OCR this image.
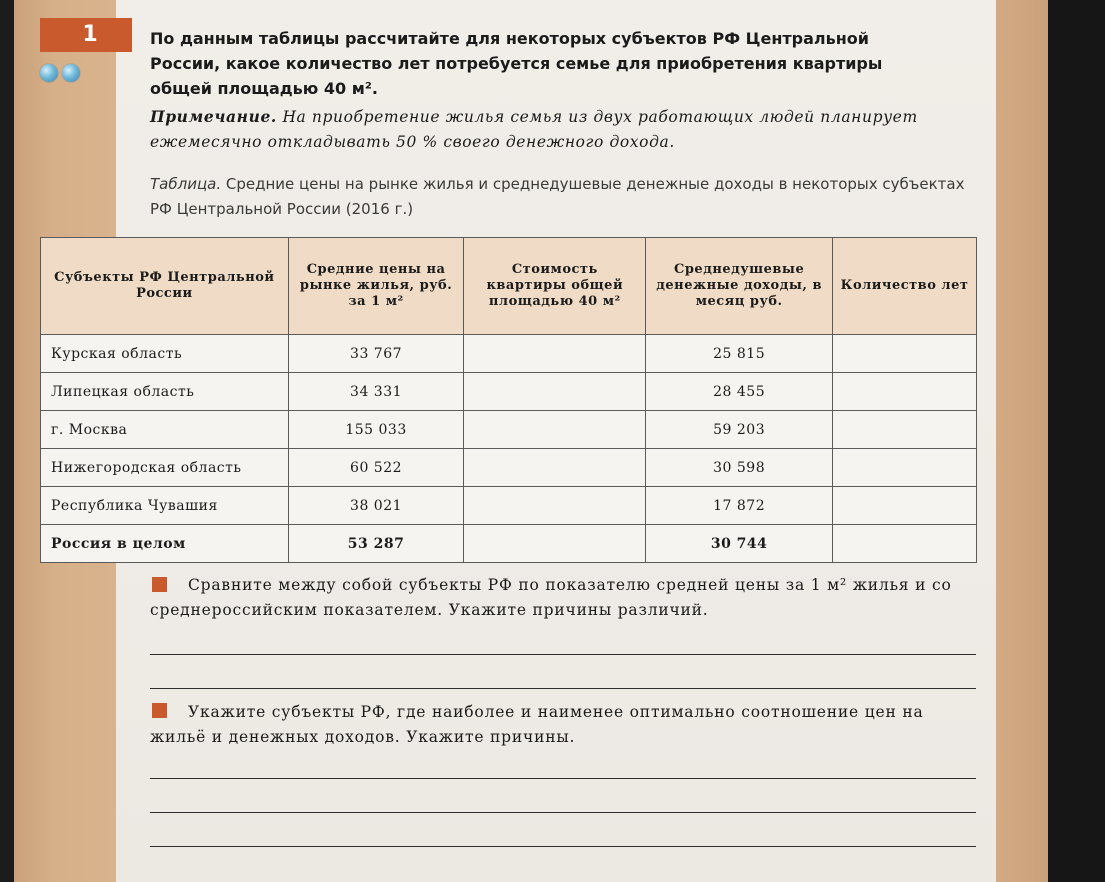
1	По данным таблицы рассчитайте для некоторых субъектов РФ Центральной России, какое количество лет потребуется семье для приобретения квартиры общей площадью 40 м².

Примечание. На приобретение жилья семья из двух работающих людей планирует ежемесячно откладывать 50 % своего денежного дохода.

Таблица. Средние цены на рынке жилья и среднедушевые денежные доходы в некоторых субъектах РФ Центральной России (2016 г.)

Субъекты РФ Центральной России	Средние цены на рынке жилья, руб. за 1 м²	Стоимость квартиры общей площадью 40 м²	Среднедушевые денежные доходы, в месяц руб.	Количество лет
Курская область	33 767		25 815	
Липецкая область	34 331		28 455	
г. Москва	155 033		59 203	
Нижегородская область	60 522		30 598	
Республика Чувашия	38 021		17 872	
Россия в целом	53 287		30 744	

Сравните между собой субъекты РФ по показателю средней цены за 1 м² жилья и со среднероссийским показателем. Укажите причины различий.

Укажите субъекты РФ, где наиболее и наименее оптимально соотношение цен на жильё и денежных доходов. Укажите причины.
